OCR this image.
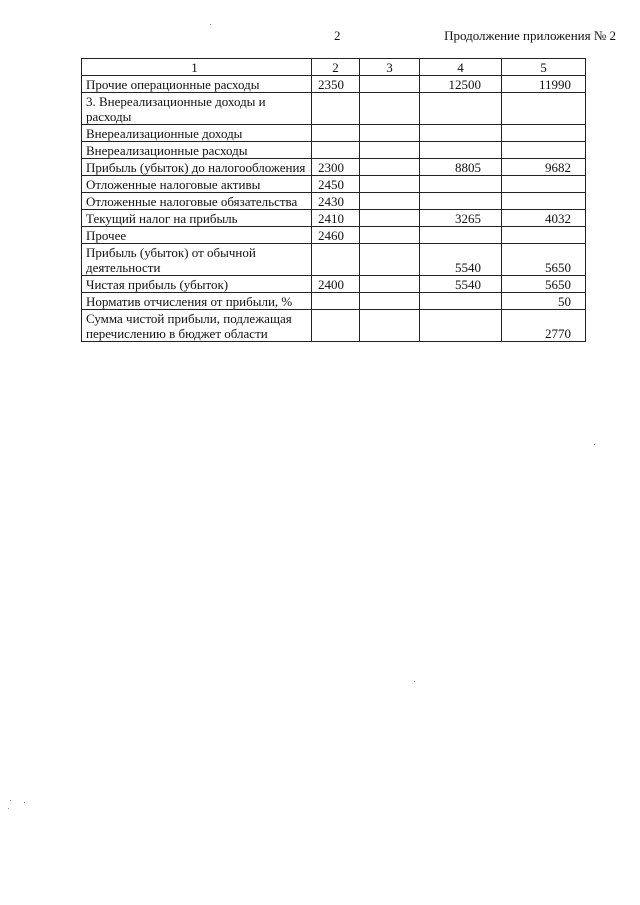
2	Продолжение приложения № 2
1	2	3	4	5
Прочие операционные расходы	2350		12500	11990
3. Внереализационные доходы и расходы				
Внереализационные доходы				
Внереализационные расходы				
Прибыль (убыток) до налогообложения	2300		8805	9682
Отложенные налоговые активы	2450			
Отложенные налоговые обязательства	2430			
Текущий налог на прибыль	2410		3265	4032
Прочее	2460			
Прибыль (убыток) от обычной деятельности			5540	5650
Чистая прибыль (убыток)	2400		5540	5650
Норматив отчисления от прибыли, %				50
Сумма чистой прибыли, подлежащая перечислению в бюджет области				2770
